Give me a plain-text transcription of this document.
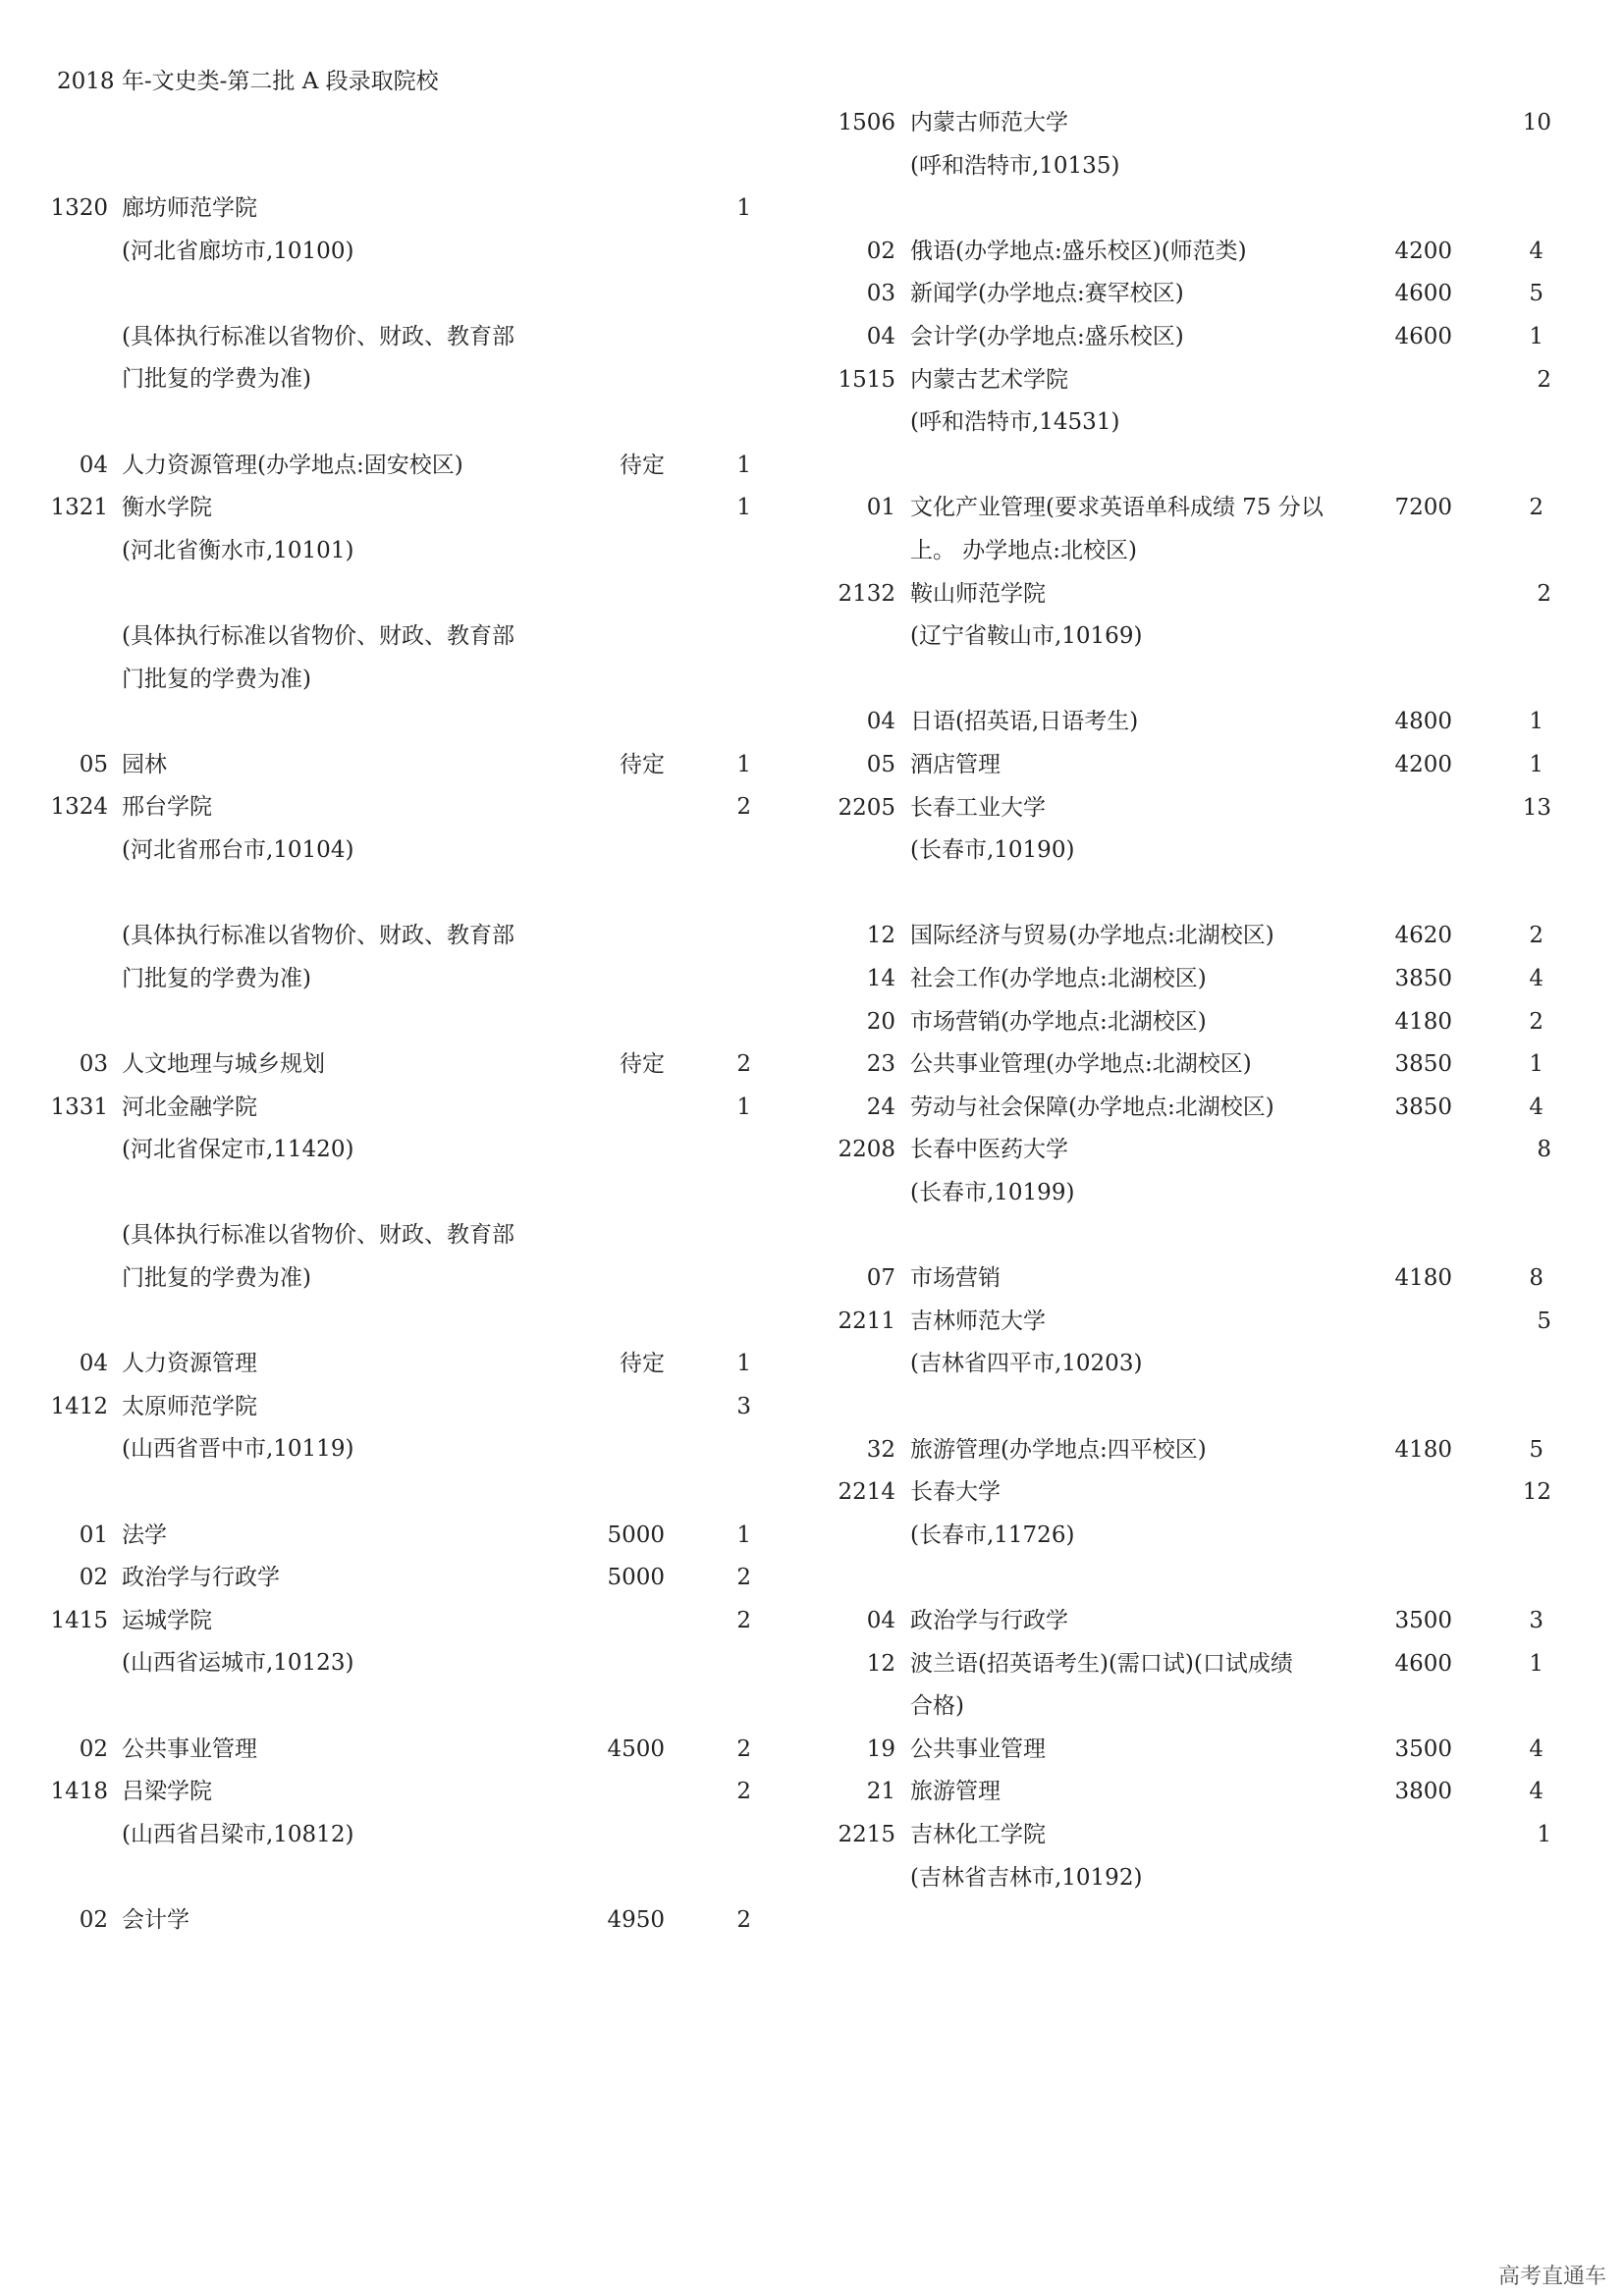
2018 年-文史类-第二批 A 段录取院校
1320 廊坊师范学院	1
(河北省廊坊市,10100)
(具体执行标准以省物价、财政、教育部
门批复的学费为准)
04 人力资源管理(办学地点:固安校区)	待定	1
1321 衡水学院	1
(河北省衡水市,10101)
(具体执行标准以省物价、财政、教育部
门批复的学费为准)
05 园林	待定	1
1324 邢台学院	2
(河北省邢台市,10104)
(具体执行标准以省物价、财政、教育部
门批复的学费为准)
03 人文地理与城乡规划	待定	2
1331 河北金融学院	1
(河北省保定市,11420)
(具体执行标准以省物价、财政、教育部
门批复的学费为准)
04 人力资源管理	待定	1
1412 太原师范学院	3
(山西省晋中市,10119)
01 法学	5000	1
02 政治学与行政学	5000	2
1415 运城学院	2
(山西省运城市,10123)
02 公共事业管理	4500	2
1418 吕梁学院	2
(山西省吕梁市,10812)
02 会计学	4950	2
1506 内蒙古师范大学	10
(呼和浩特市,10135)
02 俄语(办学地点:盛乐校区)(师范类)	4200	4
03 新闻学(办学地点:赛罕校区)	4600	5
04 会计学(办学地点:盛乐校区)	4600	1
1515 内蒙古艺术学院	2
(呼和浩特市,14531)
01 文化产业管理(要求英语单科成绩 75 分以	7200	2
上。 办学地点:北校区)
2132 鞍山师范学院	2
(辽宁省鞍山市,10169)
04 日语(招英语,日语考生)	4800	1
05 酒店管理	4200	1
2205 长春工业大学	13
(长春市,10190)
12 国际经济与贸易(办学地点:北湖校区)	4620	2
14 社会工作(办学地点:北湖校区)	3850	4
20 市场营销(办学地点:北湖校区)	4180	2
23 公共事业管理(办学地点:北湖校区)	3850	1
24 劳动与社会保障(办学地点:北湖校区)	3850	4
2208 长春中医药大学	8
(长春市,10199)
07 市场营销	4180	8
2211 吉林师范大学	5
(吉林省四平市,10203)
32 旅游管理(办学地点:四平校区)	4180	5
2214 长春大学	12
(长春市,11726)
04 政治学与行政学	3500	3
12 波兰语(招英语考生)(需口试)(口试成绩	4600	1
合格)
19 公共事业管理	3500	4
21 旅游管理	3800	4
2215 吉林化工学院	1
(吉林省吉林市,10192)
高考直通车
